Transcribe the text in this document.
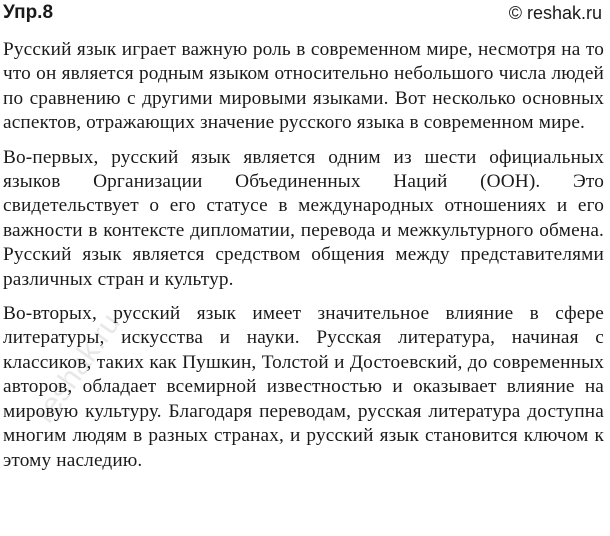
Упр.8	© reshak.ru
reshak.ru

Русский язык играет важную роль в современном мире, несмотря на то что он является родным языком относительно небольшого числа людей по сравнению с другими мировыми языками. Вот несколько основных аспектов, отражающих значение русского языка в современном мире.

Во-первых, русский язык является одним из шести официальных языков Организации Объединенных Наций (ООН). Это свидетельствует о его статусе в международных отношениях и его важности в контексте дипломатии, перевода и межкультурного обмена. Русский язык является средством общения между представителями различных стран и культур.

Во-вторых, русский язык имеет значительное влияние в сфере литературы, искусства и науки. Русская литература, начиная с классиков, таких как Пушкин, Толстой и Достоевский, до современных авторов, обладает всемирной известностью и оказывает влияние на мировую культуру. Благодаря переводам, русская литература доступна многим людям в разных странах, и русский язык становится ключом к этому наследию.
